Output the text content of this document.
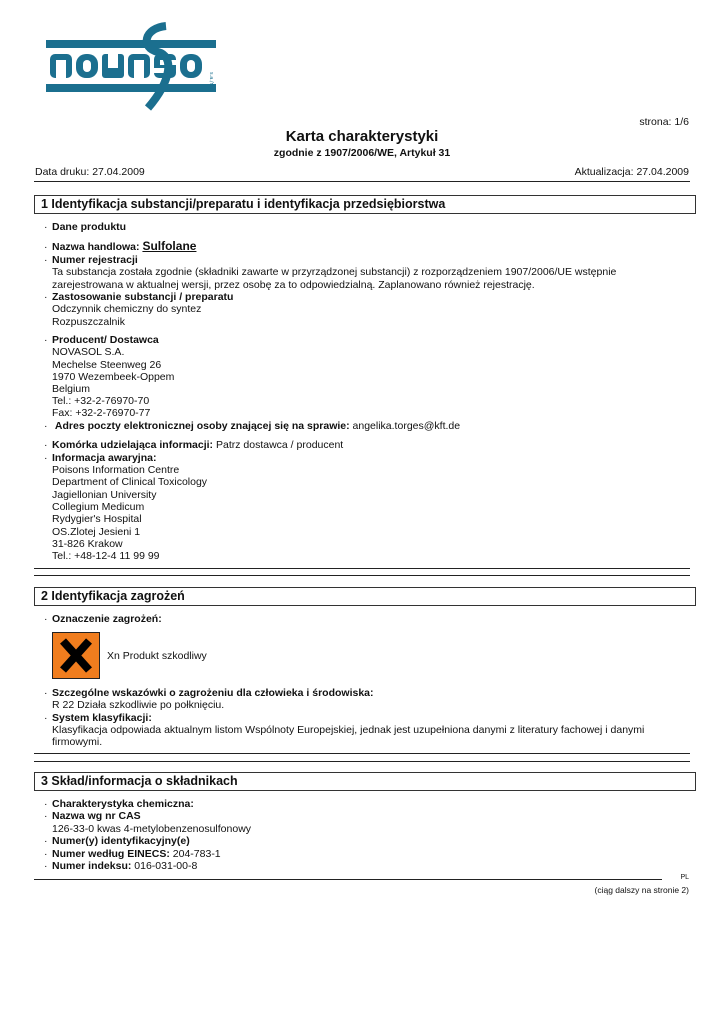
s.a./n.v.
strona: 1/6
Karta charakterystyki
zgodnie z 1907/2006/WE, Artykuł 31
Data druku: 27.04.2009	Aktualizacja: 27.04.2009
1 Identyfikacja substancji/preparatu i identyfikacja przedsiębiorstwa
· Dane produktu
· Nazwa handlowa: Sulfolane
· Numer rejestracji
Ta substancja została zgodnie (składniki zawarte w przyrządzonej substancji) z rozporządzeniem 1907/2006/UE wstępnie
zarejestrowana w aktualnej wersji, przez osobę za to odpowiedzialną. Zaplanowano również rejestrację.
· Zastosowanie substancji / preparatu
Odczynnik chemiczny do syntez
Rozpuszczalnik
· Producent/ Dostawca
NOVASOL S.A.
Mechelse Steenweg 26
1970 Wezembeek-Oppem
Belgium
Tel.: +32-2-76970-70
Fax: +32-2-76970-77
· Adres poczty elektronicznej osoby znającej się na sprawie: angelika.torges@kft.de
· Komórka udzielająca informacji: Patrz dostawca / producent
· Informacja awaryjna:
Poisons Information Centre
Department of Clinical Toxicology
Jagiellonian University
Collegium Medicum
Rydygier's Hospital
OS.Zlotej Jesieni 1
31-826 Krakow
Tel.: +48-12-4 11 99 99
2 Identyfikacja zagrożeń
· Oznaczenie zagrożeń:
Xn Produkt szkodliwy
· Szczególne wskazówki o zagrożeniu dla człowieka i środowiska:
R 22 Działa szkodliwie po połknięciu.
· System klasyfikacji:
Klasyfikacja odpowiada aktualnym listom Wspólnoty Europejskiej, jednak jest uzupełniona danymi z literatury fachowej i danymi
firmowymi.
3 Skład/informacja o składnikach
· Charakterystyka chemiczna:
· Nazwa wg nr CAS
126-33-0 kwas 4-metylobenzenosulfonowy
· Numer(y) identyfikacyjny(e)
· Numer według EINECS: 204-783-1
· Numer indeksu: 016-031-00-8
PL
(ciąg dalszy na stronie 2)
